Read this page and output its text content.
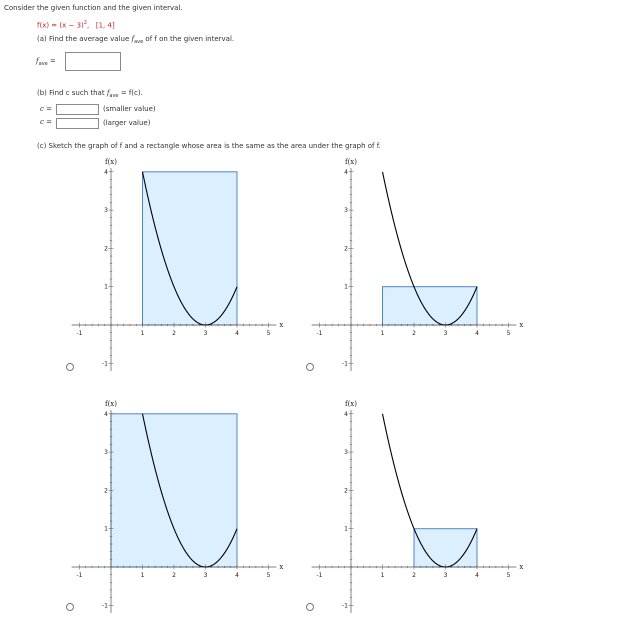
Consider the given function and the given interval.
$f(x) = (x - 3)^2$,   [1, 4]
(a) Find the average value $f_{ave}$ of f on the given interval.
$f_{ave}$ =
(b) Find c such that $f_{ave} = f(c)$.
c =	(smaller value)
c =	(larger value)
(c) Sketch the graph of f and a rectangle whose area is the same as the area under the graph of f.
-1	1	2	3	4	5
-1
1
2
3
4
x
f(x)
-1	1	2	3	4	5
-1
1
2
3
4
x
f(x)
-1	1	2	3	4	5
-1
1
2
3
4
x
f(x)
-1	1	2	3	4	5
-1
1
2
3
4
x
f(x)
